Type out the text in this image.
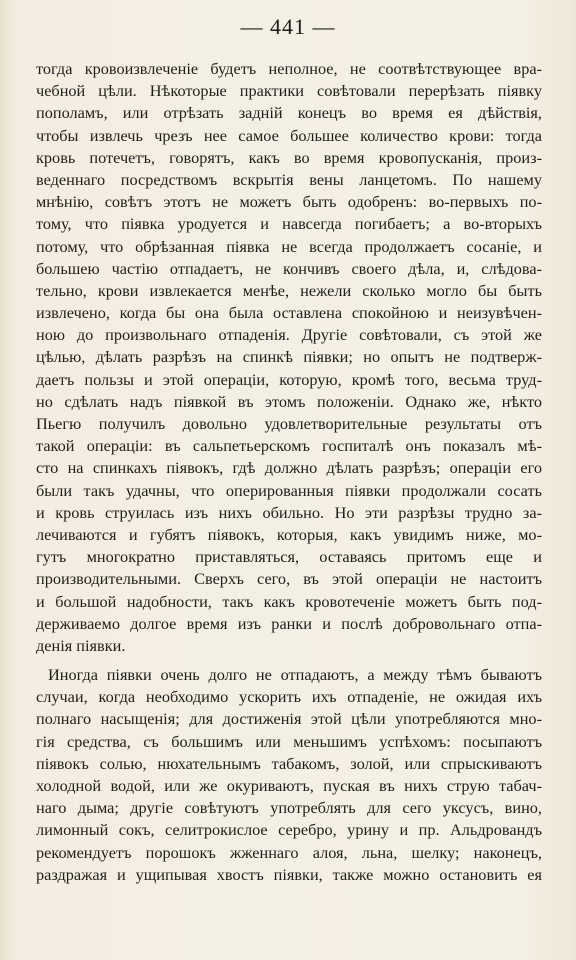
— 441 —
тогда кровоизвлеченіе будетъ неполное, не соотвѣтствующее вра-
чебной цѣли. Нѣкоторые практики совѣтовали перерѣзать піявку
пополамъ, или отрѣзать задній конецъ во время ея дѣйствія,
чтобы извлечь чрезъ нее самое большее количество крови: тогда
кровь потечетъ, говорятъ, какъ во время кровопусканія, произ-
веденнаго посредствомъ вскрытія вены ланцетомъ. По нашему
мнѣнію, совѣтъ этотъ не можетъ быть одобренъ: во-первыхъ по-
тому, что піявка уродуется и навсегда погибаетъ; а во-вторыхъ
потому, что обрѣзанная піявка не всегда продолжаетъ сосаніе, и
большею частію отпадаетъ, не кончивъ своего дѣла, и, слѣдова-
тельно, крови извлекается менѣе, нежели сколько могло бы быть
извлечено, когда бы она была оставлена спокойною и неизувѣчен-
ною до произвольнаго отпаденія. Другіе совѣтовали, съ этой же
цѣлью, дѣлать разрѣзъ на спинкѣ піявки; но опытъ не подтверж-
даетъ пользы и этой операціи, которую, кромѣ того, весьма труд-
но сдѣлать надъ піявкой въ этомъ положеніи. Однако же, нѣкто
Пьегю получилъ довольно удовлетворительные результаты отъ
такой операціи: въ сальпетьерскомъ госпиталѣ онъ показалъ мѣ-
сто на спинкахъ піявокъ, гдѣ должно дѣлать разрѣзъ; операціи его
были такъ удачны, что оперированныя піявки продолжали сосать
и кровь струилась изъ нихъ обильно. Но эти разрѣзы трудно за-
лечиваются и губятъ піявокъ, которыя, какъ увидимъ ниже, мо-
гутъ многократно приставляться, оставаясь притомъ еще и
производительными. Сверхъ сего, въ этой операціи не настоитъ
и большой надобности, такъ какъ кровотеченіе можетъ быть под-
держиваемо долгое время изъ ранки и послѣ добровольнаго отпа-
денія піявки.
Иногда піявки очень долго не отпадаютъ, а между тѣмъ бываютъ
случаи, когда необходимо ускорить ихъ отпаденіе, не ожидая ихъ
полнаго насыщенія; для достиженія этой цѣли употребляются мно-
гія средства, съ большимъ или меньшимъ успѣхомъ: посыпаютъ
піявокъ солью, нюхательнымъ табакомъ, золой, или спрыскиваютъ
холодной водой, или же окуриваютъ, пуская въ нихъ струю табач-
наго дыма; другіе совѣтуютъ употреблять для сего уксусъ, вино,
лимонный сокъ, селитрокислое серебро, урину и пр. Альдровандъ
рекомендуетъ порошокъ жженнаго алоя, льна, шелку; наконецъ,
раздражая и ущипывая хвостъ піявки, также можно остановить ея
